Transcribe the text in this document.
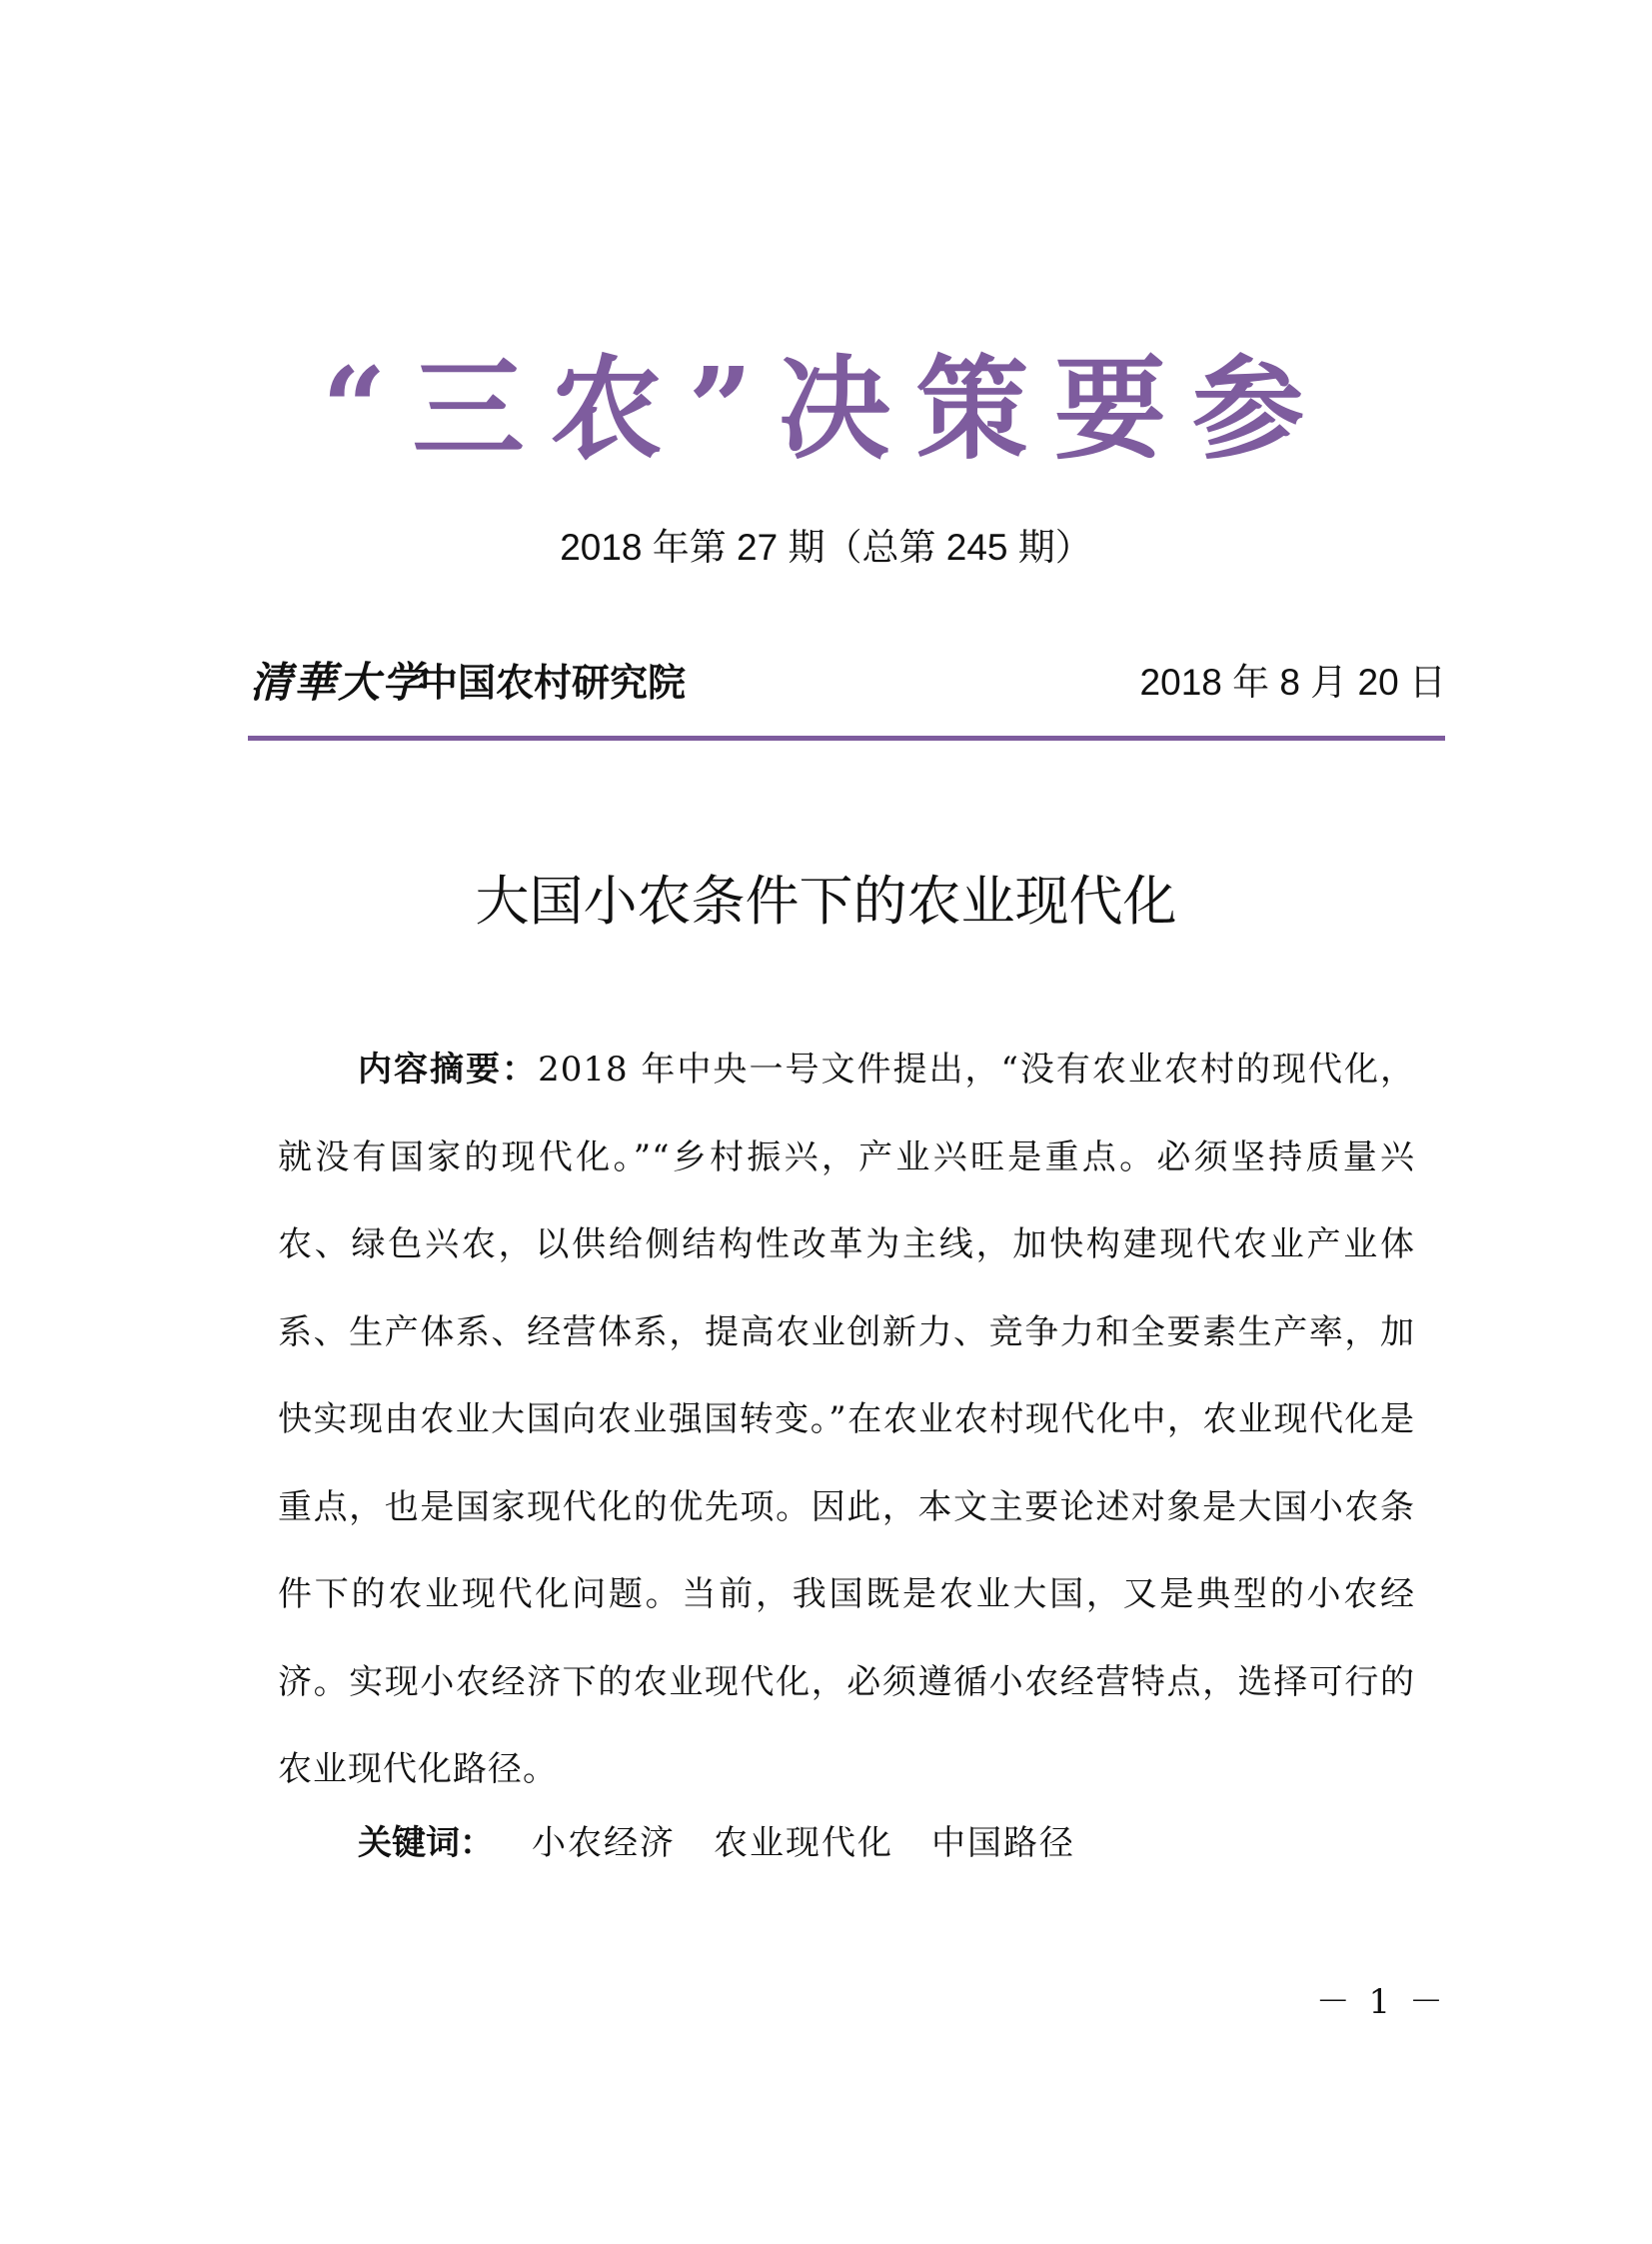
“三农”决策要参
2018 年第 27 期（总第 245 期）
清華大学
中国农村研究院	2018 年 8 月 20 日
大国小农条件下的农业现代化

内容摘要：2018 年中央一号文件提出，“没有农业农村的现代化，就没有国家的现代化。”“乡村振兴，产业兴旺是重点。必须坚持质量兴农、绿色兴农，以供给侧结构性改革为主线，加快构建现代农业产业体系、生产体系、经营体系，提高农业创新力、竞争力和全要素生产率，加快实现由农业大国向农业强国转变。”在农业农村现代化中，农业现代化是重点，也是国家现代化的优先项。因此，本文主要论述对象是大国小农条件下的农业现代化问题。当前，我国既是农业大国，又是典型的小农经济。实现小农经济下的农业现代化，必须遵循小农经营特点，选择可行的农业现代化路径。

关键词： 小农经济 农业现代化 中国路径
－ 1 －
